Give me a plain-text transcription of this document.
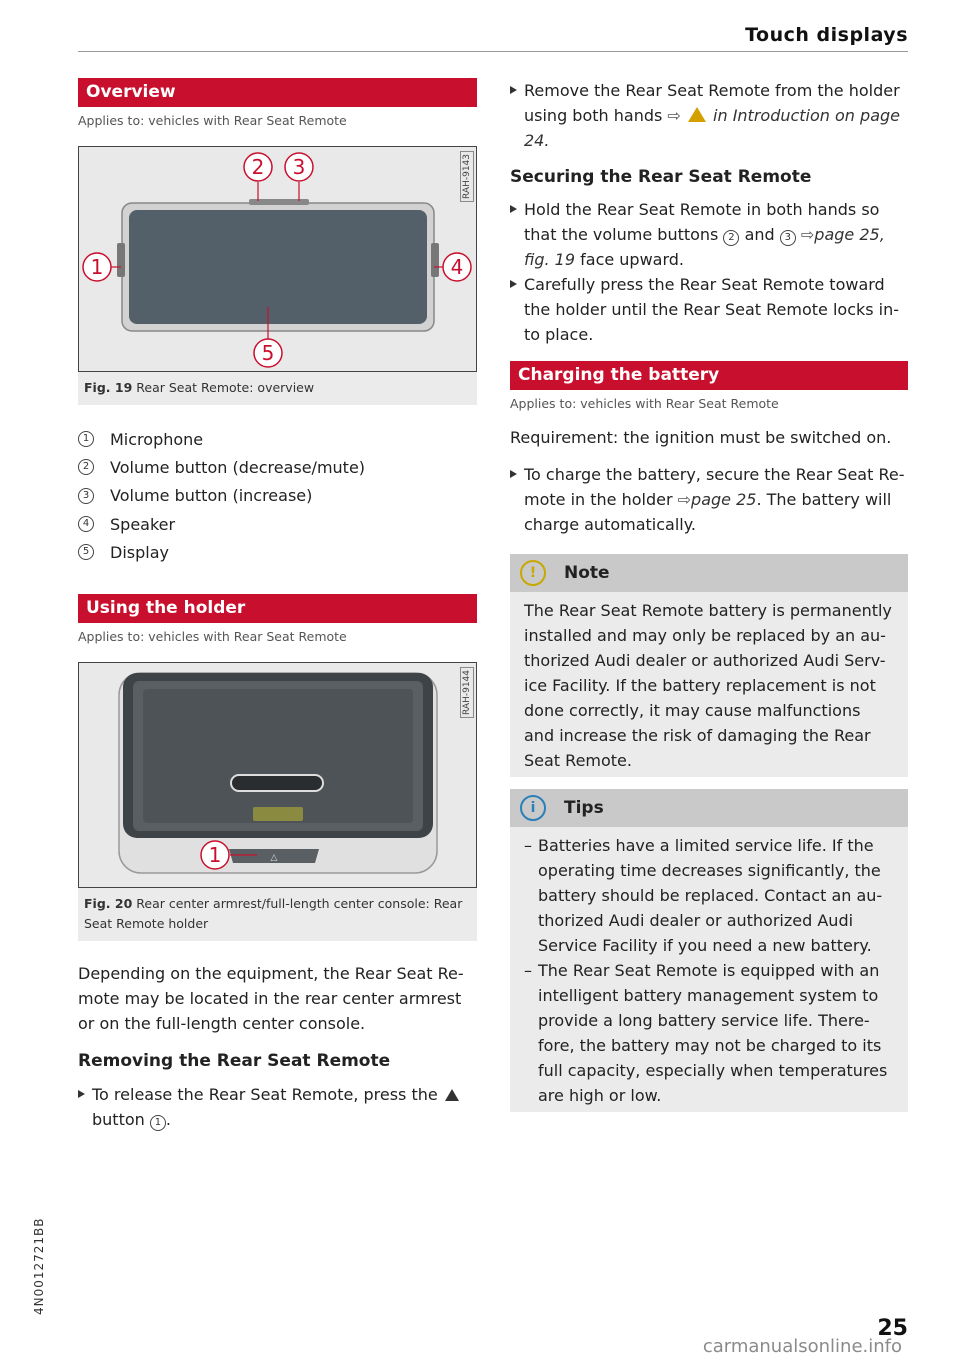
Touch displays
Overview
Applies to: vehicles with Rear Seat Remote
RAH-9143
2 3
1	4
5
Fig. 19 Rear Seat Remote: overview
1	Microphone
2	Volume button (decrease/mute)
3	Volume button (increase)
4	Speaker
5	Display
Using the holder
Applies to: vehicles with Rear Seat Remote
RAH-9144
△
1
Fig. 20 Rear center armrest/full-length center console: Rear Seat Remote holder
Depending on the equipment, the Rear Seat Re-mote may be located in the rear center armrest or on the full-length center console.
Removing the Rear Seat Remote
To release the Rear Seat Remote, press the  button 1 .
Remove the Rear Seat Remote from the holder using both hands ⇨ in Introduction on page 24.
Securing the Rear Seat Remote
Hold the Rear Seat Remote in both hands so that the volume buttons 2 and 3 ⇨page 25, fig. 19 face upward.
Carefully press the Rear Seat Remote toward the holder until the Rear Seat Remote locks in-to place.
Charging the battery
Applies to: vehicles with Rear Seat Remote
Requirement: the ignition must be switched on.
To charge the battery, secure the Rear Seat Re-mote in the holder ⇨page 25. The battery will charge automatically.
!	Note
The Rear Seat Remote battery is permanently installed and may only be replaced by an au-thorized Audi dealer or authorized Audi Serv-ice Facility. If the battery replacement is not done correctly, it may cause malfunctions and increase the risk of damaging the Rear Seat Remote.
i	Tips
– Batteries have a limited service life. If the operating time decreases significantly, the battery should be replaced. Contact an au-thorized Audi dealer or authorized Audi Service Facility if you need a new battery.
– The Rear Seat Remote is equipped with an intelligent battery management system to provide a long battery service life. There-fore, the battery may not be charged to its full capacity, especially when temperatures are high or low.
4N0012721BB
25
carmanualsonline.info
